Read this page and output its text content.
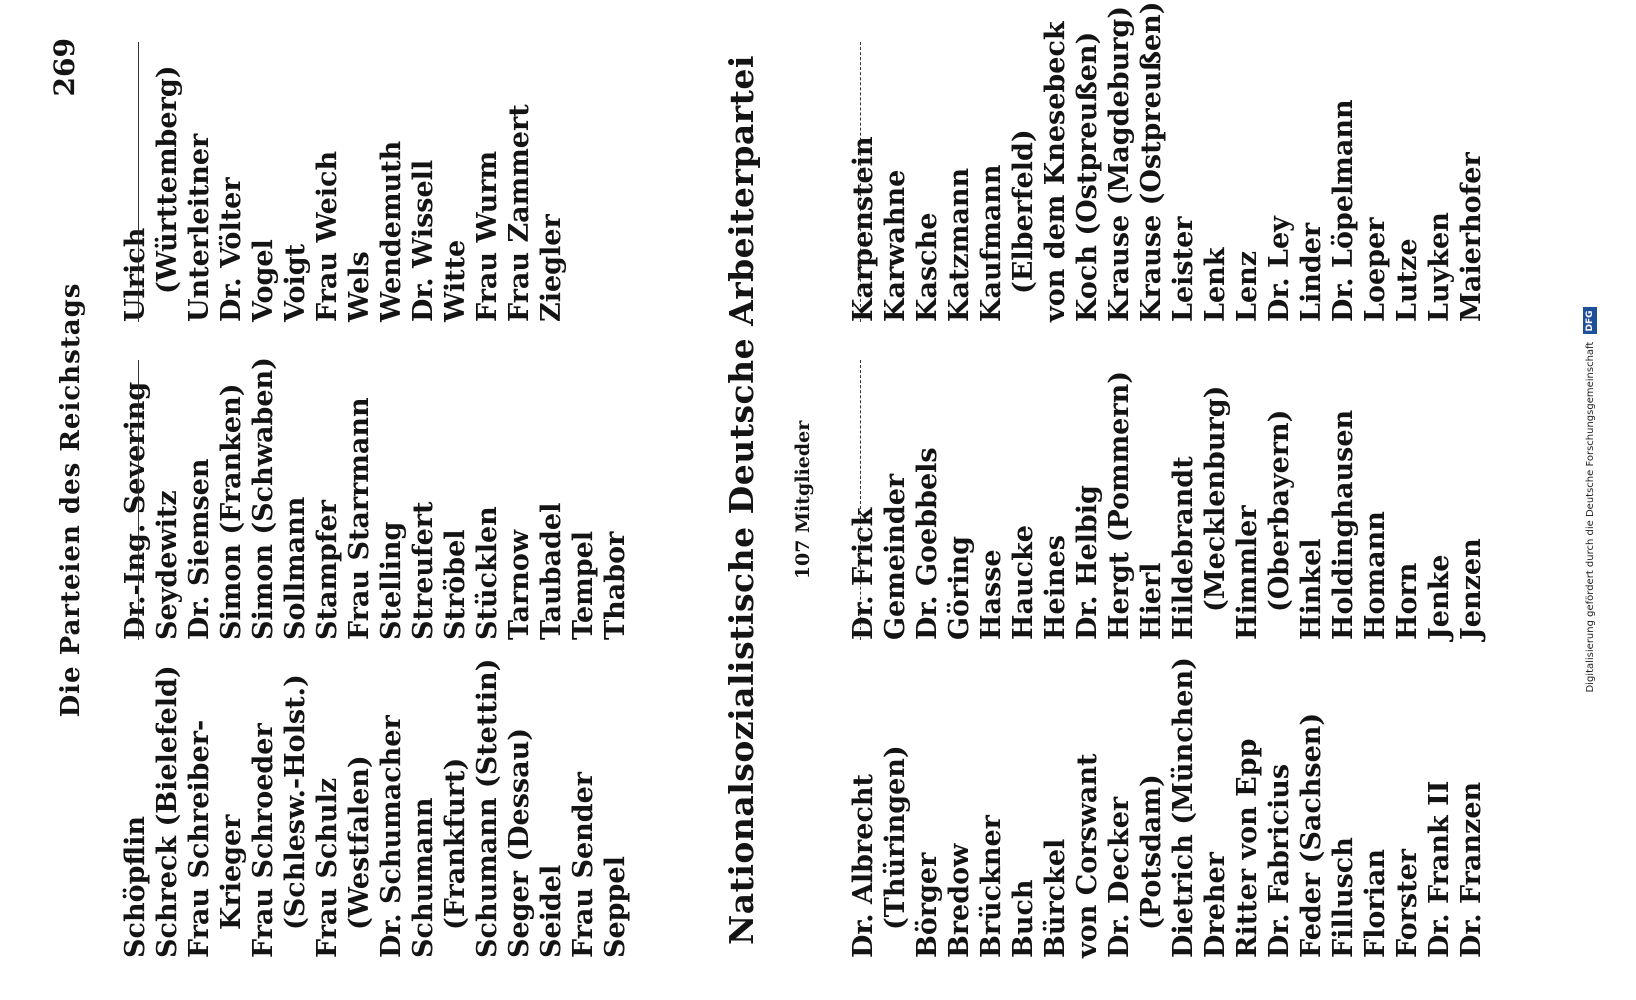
Die Parteien des Reichstags
269
Schöpflin Schreck (Bielefeld) Frau Schreiber- Krieger Frau Schroeder (Schlesw.-Holst.) Frau Schulz (Westfalen) Dr. Schumacher Schumann (Frankfurt) Schumann (Stettin) Seger (Dessau) Seidel Frau Sender Seppel
Dr.-Ing. Severing Seydewitz Dr. Siemsen Simon (Franken) Simon (Schwaben) Sollmann Stampfer Frau Starrmann Stelling Streufert Ströbel Stücklen Tarnow Taubadel Tempel Thabor
Ulrich (Württemberg) Unterleitner Dr. Völter Vogel Voigt Frau Weich Wels Wendemuth Dr. Wissell Witte Frau Wurm Frau Zammert Ziegler	Nationalsozialistische Deutsche Arbeiterpartei 107 Mitglieder
Dr. Albrecht (Thüringen) Börger Bredow Brückner Buch Bürckel von Corswant Dr. Decker (Potsdam) Dietrich (München) Dreher Ritter von Epp Dr. Fabricius Feder (Sachsen) Fillusch Florian Forster Dr. Frank II Dr. Franzen
Dr. Frick Gemeinder Dr. Goebbels Göring Hasse Haucke Heines Dr. Helbig Hergt (Pommern) Hierl Hildebrandt (Mecklenburg) Himmler (Oberbayern) Hinkel Holdinghausen Homann Horn Jenke Jenzen
Karpenstein Karwahne Kasche Katzmann Kaufmann (Elberfeld) von dem Knesebeck Koch (Ostpreußen) Krause (Magdeburg) Krause (Ostpreußen) Leister Lenk Lenz Dr. Ley Linder Dr. Löpelmann Loeper Lutze Luyken Maierhofer
Digitalisierung gefördert durch die Deutsche Forschungsgemeinschaft DFG
